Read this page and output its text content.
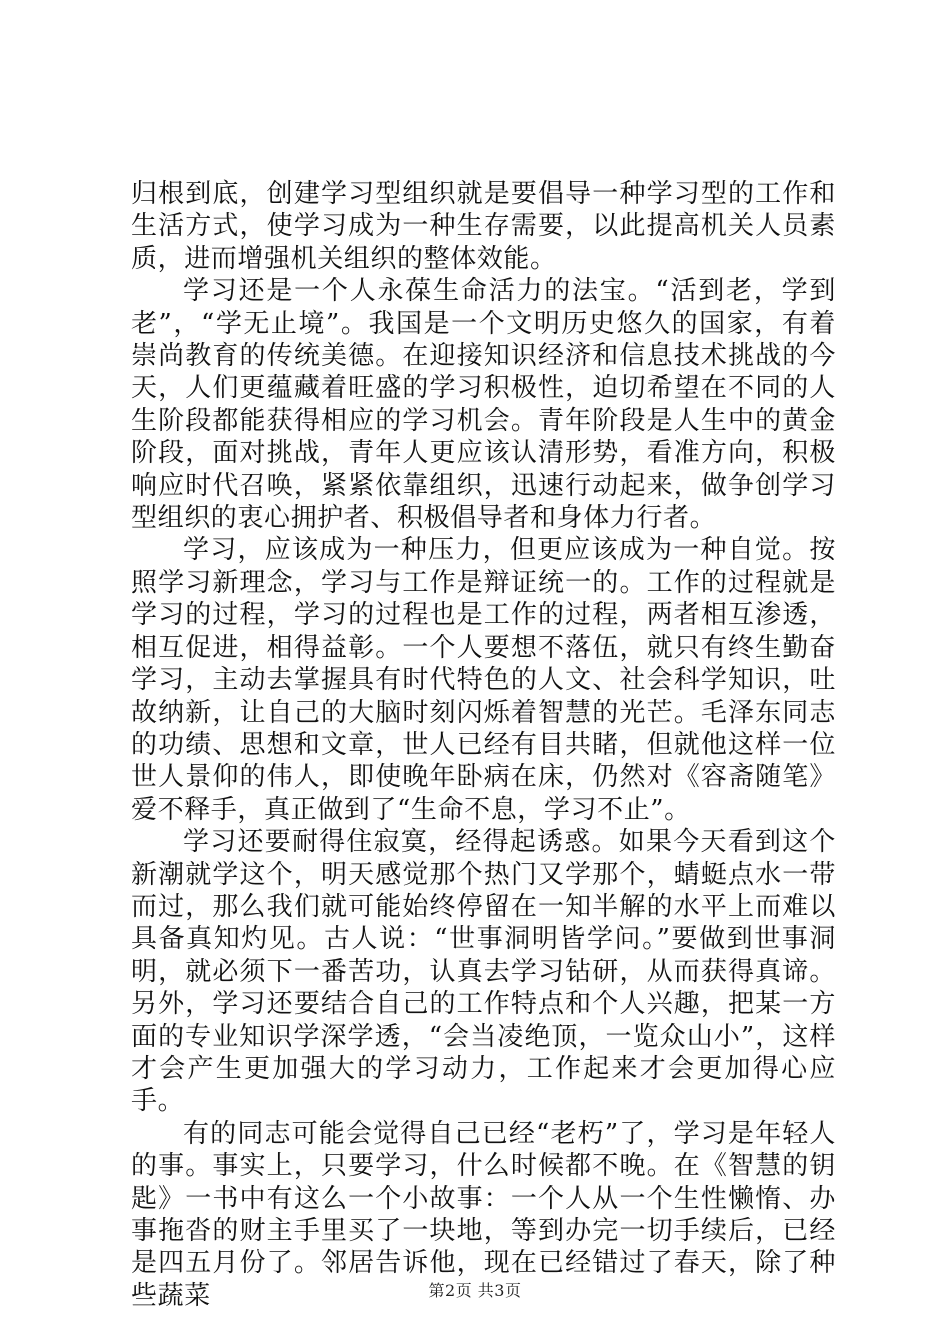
归根到底，创建学习型组织就是要倡导一种学习型的工作和生活方式，使学习成为一种生存需要，以此提高机关人员素质，进而增强机关组织的整体效能。

学习还是一个人永葆生命活力的法宝。“活到老，学到老”，“学无止境”。我国是一个文明历史悠久的国家，有着崇尚教育的传统美德。在迎接知识经济和信息技术挑战的今天，人们更蕴藏着旺盛的学习积极性，迫切希望在不同的人生阶段都能获得相应的学习机会。青年阶段是人生中的黄金阶段，面对挑战，青年人更应该认清形势，看准方向，积极响应时代召唤，紧紧依靠组织，迅速行动起来，做争创学习型组织的衷心拥护者、积极倡导者和身体力行者。

学习，应该成为一种压力，但更应该成为一种自觉。按照学习新理念，学习与工作是辩证统一的。工作的过程就是学习的过程，学习的过程也是工作的过程，两者相互渗透，相互促进，相得益彰。一个人要想不落伍，就只有终生勤奋学习，主动去掌握具有时代特色的人文、社会科学知识，吐故纳新，让自己的大脑时刻闪烁着智慧的光芒。毛泽东同志的功绩、思想和文章，世人已经有目共睹，但就他这样一位世人景仰的伟人，即使晚年卧病在床，仍然对《容斋随笔》爱不释手，真正做到了“生命不息，学习不止”。

学习还要耐得住寂寞，经得起诱惑。如果今天看到这个新潮就学这个，明天感觉那个热门又学那个，蜻蜓点水一带而过，那么我们就可能始终停留在一知半解的水平上而难以具备真知灼见。古人说：“世事洞明皆学问。”要做到世事洞明，就必须下一番苦功，认真去学习钻研，从而获得真谛。另外，学习还要结合自己的工作特点和个人兴趣，把某一方面的专业知识学深学透，“会当凌绝顶，一览众山小”，这样才会产生更加强大的学习动力，工作起来才会更加得心应手。

有的同志可能会觉得自己已经“老朽”了，学习是年轻人的事。事实上，只要学习，什么时候都不晚。在《智慧的钥匙》一书中有这么一个小故事：一个人从一个生性懒惰、办事拖沓的财主手里买了一块地，等到办完一切手续后，已经是四五月份了。邻居告诉他，现在已经错过了春天，除了种些蔬菜	第2页 共3页
